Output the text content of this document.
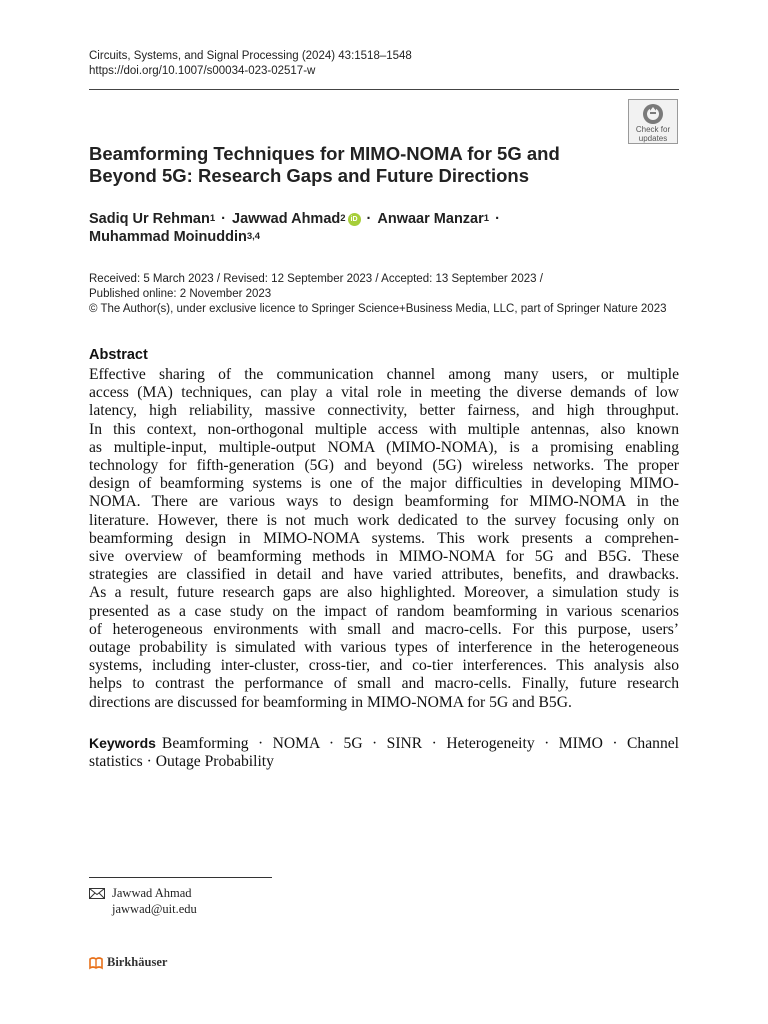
Circuits, Systems, and Signal Processing (2024) 43:1518–1548
https://doi.org/10.1007/s00034-023-02517-w
Check for
updates
Beamforming Techniques for MIMO-NOMA for 5G and
Beyond 5G: Research Gaps and Future Directions
Sadiq Ur Rehman 1 · Jawwad Ahmad 2 iD · Anwaar Manzar 1 ·
Muhammad Moinuddin 3,4
Received: 5 March 2023 / Revised: 12 September 2023 / Accepted: 13 September 2023 /
Published online: 2 November 2023
© The Author(s), under exclusive licence to Springer Science+Business Media, LLC, part of Springer Nature 2023
Abstract
Effective sharing of the communication channel among many users, or multiple
access (MA) techniques, can play a vital role in meeting the diverse demands of low
latency, high reliability, massive connectivity, better fairness, and high throughput.
In this context, non-orthogonal multiple access with multiple antennas, also known
as multiple-input, multiple-output NOMA (MIMO-NOMA), is a promising enabling
technology for fifth-generation (5G) and beyond (5G) wireless networks. The proper
design of beamforming systems is one of the major difficulties in developing MIMO-
NOMA. There are various ways to design beamforming for MIMO-NOMA in the
literature. However, there is not much work dedicated to the survey focusing only on
beamforming design in MIMO-NOMA systems. This work presents a comprehen-
sive overview of beamforming methods in MIMO-NOMA for 5G and B5G. These
strategies are classified in detail and have varied attributes, benefits, and drawbacks.
As a result, future research gaps are also highlighted. Moreover, a simulation study is
presented as a case study on the impact of random beamforming in various scenarios
of heterogeneous environments with small and macro-cells. For this purpose, users’
outage probability is simulated with various types of interference in the heterogeneous
systems, including inter-cluster, cross-tier, and co-tier interferences. This analysis also
helps to contrast the performance of small and macro-cells. Finally, future research
directions are discussed for beamforming in MIMO-NOMA for 5G and B5G.
Keywords Beamforming · NOMA · 5G · SINR · Heterogeneity · MIMO · Channel
statistics · Outage Probability
Jawwad Ahmad
jawwad@uit.edu
Birkhäuser
